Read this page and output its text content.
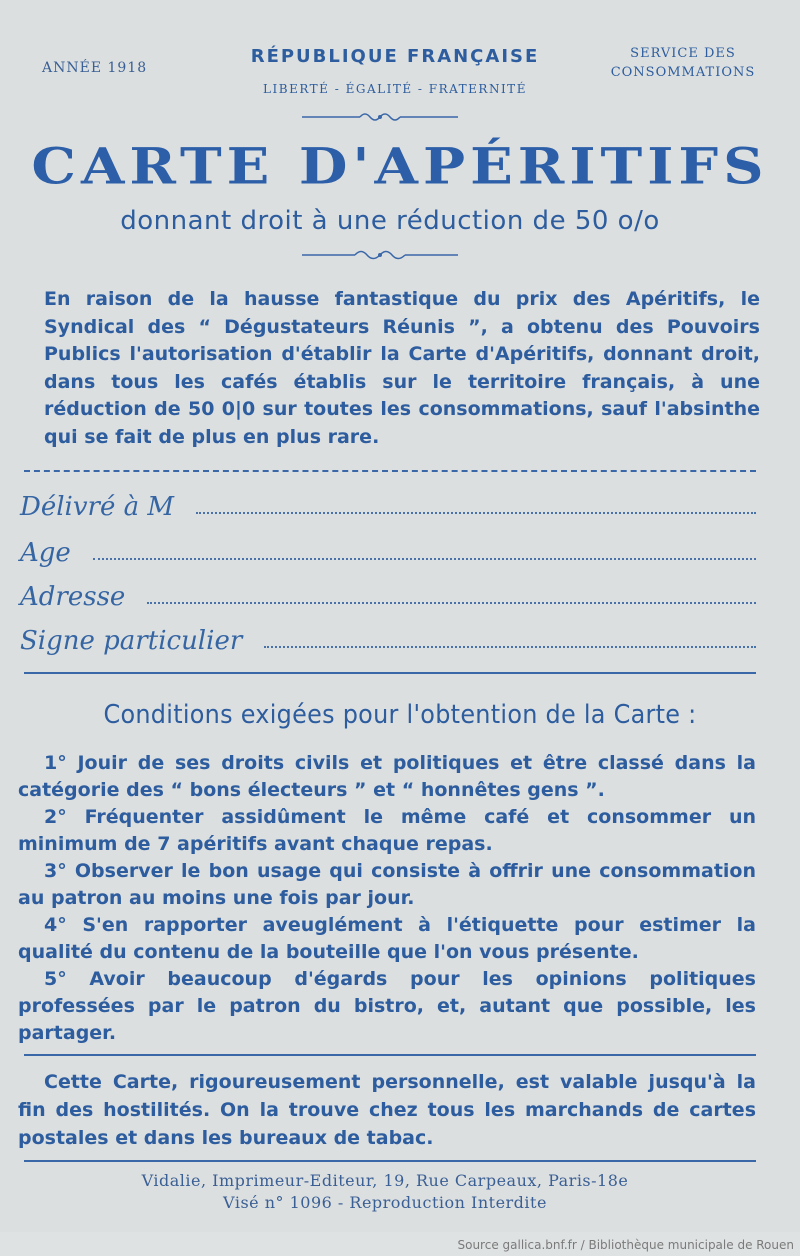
ANNÉE 1918
RÉPUBLIQUE FRANÇAISE
LIBERTÉ - ÉGALITÉ - FRATERNITÉ
SERVICE DES
CONSOMMATIONS
CARTE D'APÉRITIFS
donnant droit à une réduction de 50 o/o
En raison de la hausse fantastique du prix des Apéritifs, le Syndical des “ Dégustateurs Réunis ”, a obtenu des Pouvoirs Publics l'autorisation d'établir la Carte d'Apéritifs, donnant droit, dans tous les cafés établis sur le territoire français, à une réduction de 50 0|0 sur toutes les consommations, sauf l'absinthe qui se fait de plus en plus rare.
Délivré à M
Age
Adresse
Signe particulier
Conditions exigées pour l'obtention de la Carte :

1° Jouir de ses droits civils et politiques et être classé dans la catégorie des “ bons électeurs ” et “ honnêtes gens ”.

2° Fréquenter assidûment le même café et consommer un minimum de 7 apéritifs avant chaque repas.

3° Observer le bon usage qui consiste à offrir une consommation au patron au moins une fois par jour.

4° S'en rapporter aveuglément à l'étiquette pour estimer la qualité du contenu de la bouteille que l'on vous présente.

5° Avoir beaucoup d'égards pour les opinions politiques professées par le patron du bistro, et, autant que possible, les partager.

Cette Carte, rigoureusement personnelle, est valable jusqu'à la fin des hostilités. On la trouve chez tous les marchands de cartes postales et dans les bureaux de tabac.
Vidalie, Imprimeur-Editeur, 19, Rue Carpeaux, Paris-18e
Visé n° 1096 - Reproduction Interdite
Source gallica.bnf.fr / Bibliothèque municipale de Rouen
